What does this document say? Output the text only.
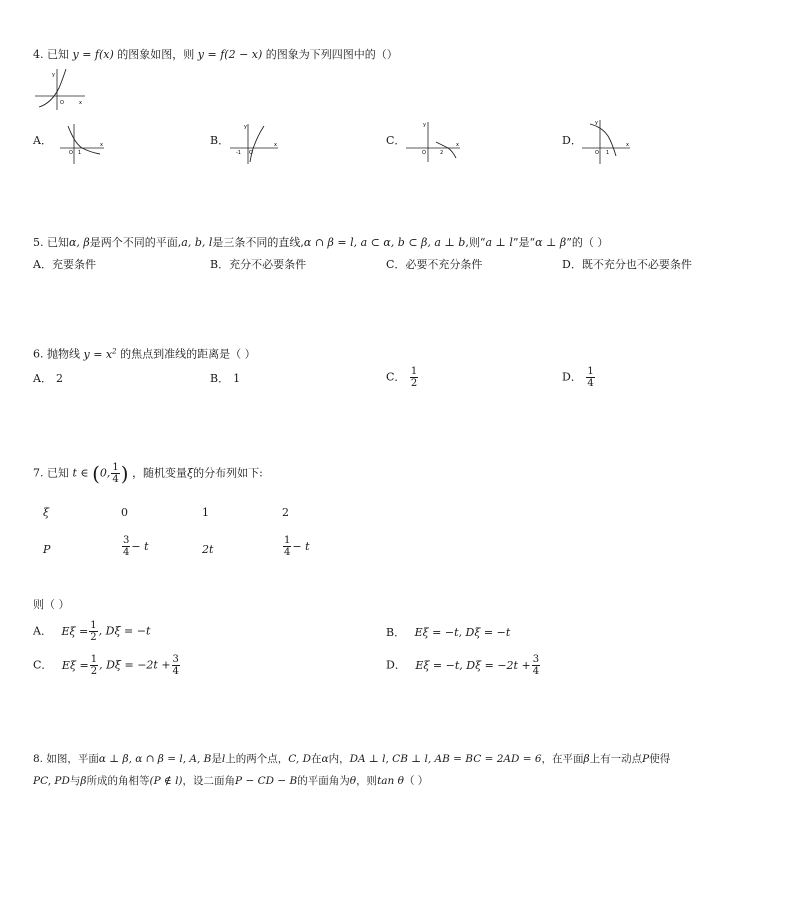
4. 已知 y = f(x) 的图象如图，则 y = f(2 − x) 的图象为下列四图中的（）
y
O	x
A．
O 1
x	B．
y
-1 O
x	C．
y
O	2
x	D．
y
O 1
x
5. 已知α, β是两个不同的平面,a, b, l是三条不同的直线,α ∩ β = l, a ⊂ α, b ⊂ β, a ⊥ b,则“a ⊥ l”是“α ⊥ β”的（ ）
A．充要条件	B．充分不必要条件	C．必要不充分条件	D．既不充分也不必要条件
6. 抛物线 $y = x^2$ 的焦点到准线的距离是（ ）
A． 2	B． 1	C． $\frac{1}{2}$	D． $\frac{1}{4}$
7. 已知 t ∈ (0, $\frac{1}{4}$ ) ，随机变量ξ的分布列如下:
ξ	0	1	2
P	$\frac{3}{4} - t$	2t	$\frac{1}{4} - t$
则（ ）
A． $E\xi = \frac{1}{2}$ , Dξ = −t	B． Eξ = −t, Dξ = −t
C． $E\xi = \frac{1}{2}$ , $D\xi = -2t + \frac{3}{4}$	D． Eξ = −t, $D\xi = -2t + \frac{3}{4}$
8. 如图，平面α ⊥ β, α ∩ β = l, A, B是l上的两个点，C, D在α内，DA ⊥ l, CB ⊥ l, AB = BC = 2AD = 6，在平面β上有一动点P使得
PC, PD与β所成的角相等(P ∉ l)，设二面角P − CD − B的平面角为θ，则tan θ（ ）
